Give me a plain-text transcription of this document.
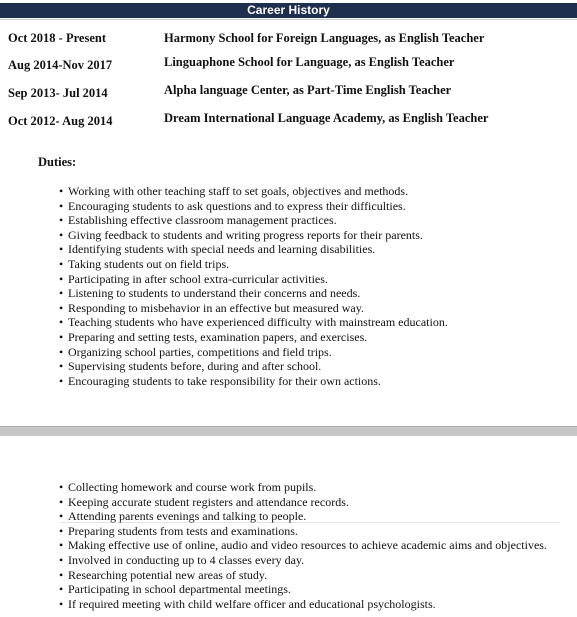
Career History
Oct 2018 - Present	Harmony School for Foreign Languages, as English Teacher
Aug 2014-Nov 2017	Linguaphone School for Language, as English Teacher
Sep 2013- Jul 2014	Alpha language Center, as Part-Time English Teacher
Oct 2012- Aug 2014	Dream International Language Academy, as English Teacher
Duties:
• Working with other teaching staff to set goals, objectives and methods.
• Encouraging students to ask questions and to express their difficulties.
• Establishing effective classroom management practices.
• Giving feedback to students and writing progress reports for their parents.
• Identifying students with special needs and learning disabilities.
• Taking students out on field trips.
• Participating in after school extra-curricular activities.
• Listening to students to understand their concerns and needs.
• Responding to misbehavior in an effective but measured way.
• Teaching students who have experienced difficulty with mainstream education.
• Preparing and setting tests, examination papers, and exercises.
• Organizing school parties, competitions and field trips.
• Supervising students before, during and after school.
• Encouraging students to take responsibility for their own actions.
• Collecting homework and course work from pupils.
• Keeping accurate student registers and attendance records.
• Attending parents evenings and talking to people.
• Preparing students from tests and examinations.
• Making effective use of online, audio and video resources to achieve academic aims and objectives.
• Involved in conducting up to 4 classes every day.
• Researching potential new areas of study.
• Participating in school departmental meetings.
• If required meeting with child welfare officer and educational psychologists.
